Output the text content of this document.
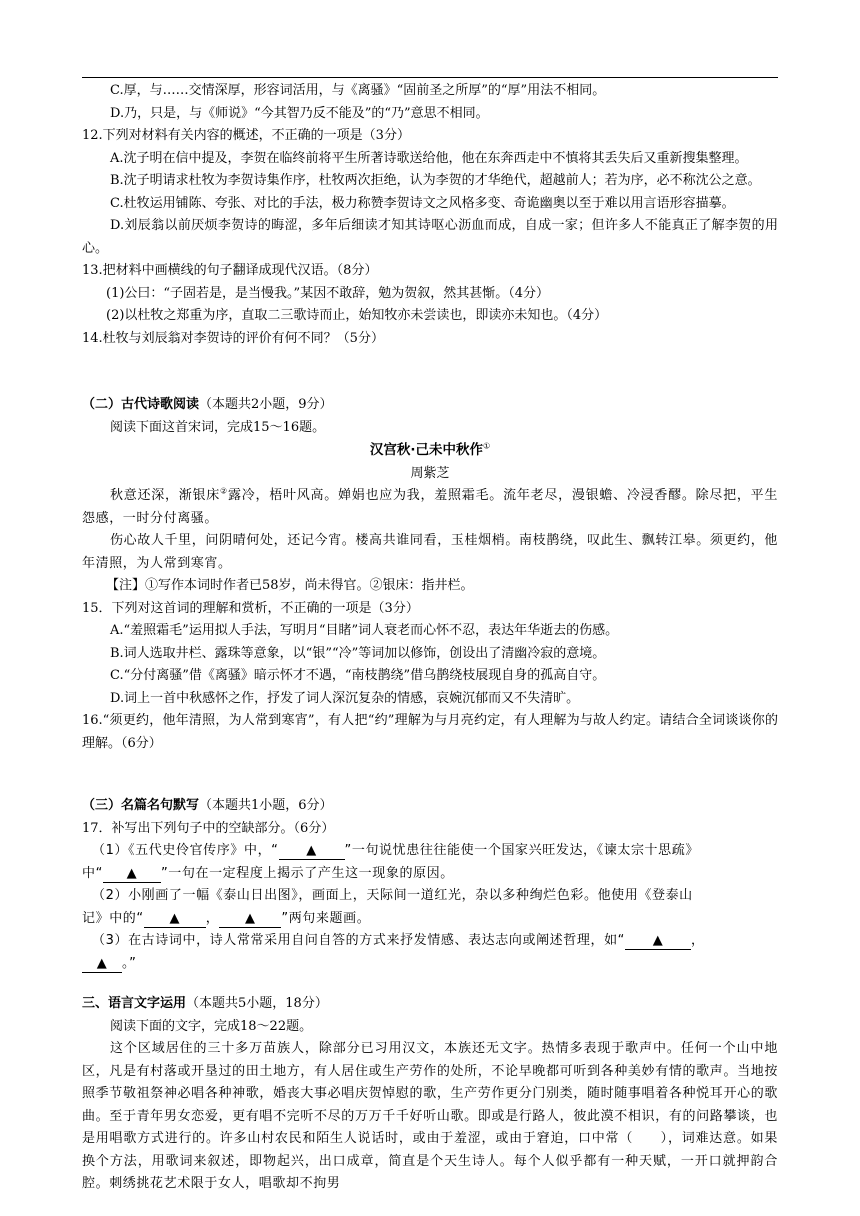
C.厚，与……交情深厚，形容词活用，与《离骚》“固前圣之所厚”的“厚”用法不相同。

D.乃，只是，与《师说》“今其智乃反不能及”的“乃”意思不相同。

12.下列对材料有关内容的概述，不正确的一项是（3分）

A.沈子明在信中提及，李贺在临终前将平生所著诗歌送给他，他在东奔西走中不慎将其丢失后又重新搜集整理。

B.沈子明请求杜牧为李贺诗集作序，杜牧两次拒绝，认为李贺的才华绝代，超越前人；若为序，必不称沈公之意。

C.杜牧运用铺陈、夸张、对比的手法，极力称赞李贺诗文之风格多变、奇诡幽奥以至于难以用言语形容描摹。

D.刘辰翁以前厌烦李贺诗的晦涩，多年后细读才知其诗呕心沥血而成，自成一家；但许多人不能真正了解李贺的用心。

13.把材料中画横线的句子翻译成现代汉语。（8分）

(1)公曰：“子固若是，是当慢我。”某因不敢辞，勉为贺叙，然其甚惭。（4分）

(2)以杜牧之郑重为序，直取二三歌诗而止，始知牧亦未尝读也，即读亦未知也。（4分）

14.杜牧与刘辰翁对李贺诗的评价有何不同？（5分）

（二）古代诗歌阅读（本题共2小题，9分）

阅读下面这首宋词，完成15～16题。

汉宫秋·己未中秋作①

周紫芝

秋意还深，渐银床②露冷，梧叶风高。婵娟也应为我，羞照霜毛。流年老尽，漫银蟾、冷浸香醪。除尽把，平生怨感，一时分付离骚。

伤心故人千里，问阴晴何处，还记今宵。楼高共谁同看，玉桂烟梢。南枝鹊绕，叹此生、飘转江皋。须更约，他年清照，为人常到寒宵。

【注】①写作本词时作者已58岁，尚未得官。②银床：指井栏。

15．下列对这首词的理解和赏析，不正确的一项是（3分）

A.“羞照霜毛”运用拟人手法，写明月“目睹”词人衰老而心怀不忍，表达年华逝去的伤感。

B.词人选取井栏、露珠等意象，以“银”“冷”等词加以修饰，创设出了清幽冷寂的意境。

C.“分付离骚”借《离骚》暗示怀才不遇，“南枝鹊绕”借乌鹊绕枝展现自身的孤高自守。

D.词上一首中秋感怀之作，抒发了词人深沉复杂的情感，哀婉沉郁而又不失清旷。

16.“须更约，他年清照，为人常到寒宵”，有人把“约”理解为与月亮约定，有人理解为与故人约定。请结合全词谈谈你的理解。（6分）

（三）名篇名句默写（本题共1小题，6分）

17．补写出下列句子中的空缺部分。（6分）

（1）《五代史伶官传序》中，“ ▲ ”一句说忧患往往能使一个国家兴旺发达，《谏太宗十思疏》

中“ ▲ ”一句在一定程度上揭示了产生这一现象的原因。

（2）小刚画了一幅《泰山日出图》，画面上，天际间一道红光，杂以多种绚烂色彩。他使用《登泰山

记》中的“ ▲ ， ▲ ”两句来题画。

（3）在古诗词中，诗人常常采用自问自答的方式来抒发情感、表达志向或阐述哲理，如“ ▲ ，

▲ 。”

三、语言文字运用（本题共5小题，18分）

阅读下面的文字，完成18～22题。

这个区域居住的三十多万苗族人，除部分已习用汉文，本族还无文字。热情多表现于歌声中。任何一个山中地区，凡是有村落或开垦过的田土地方，有人居住或生产劳作的处所，不论早晚都可听到各种美妙有情的歌声。当地按照季节敬祖祭神必唱各种神歌，婚丧大事必唱庆贺悼慰的歌，生产劳作更分门别类，随时随事唱着各种悦耳开心的歌曲。至于青年男女恋爱，更有唱不完听不尽的万万千千好听山歌。即或是行路人，彼此漠不相识，有的问路攀谈，也是用唱歌方式进行的。许多山村农民和陌生人说话时，或由于羞涩，或由于窘迫，口中常（　　），词难达意。如果换个方法，用歌词来叙述，即物起兴，出口成章，简直是个天生诗人。每个人似乎都有一种天赋，一开口就押韵合腔。刺绣挑花艺术限于女人，唱歌却不拘男
